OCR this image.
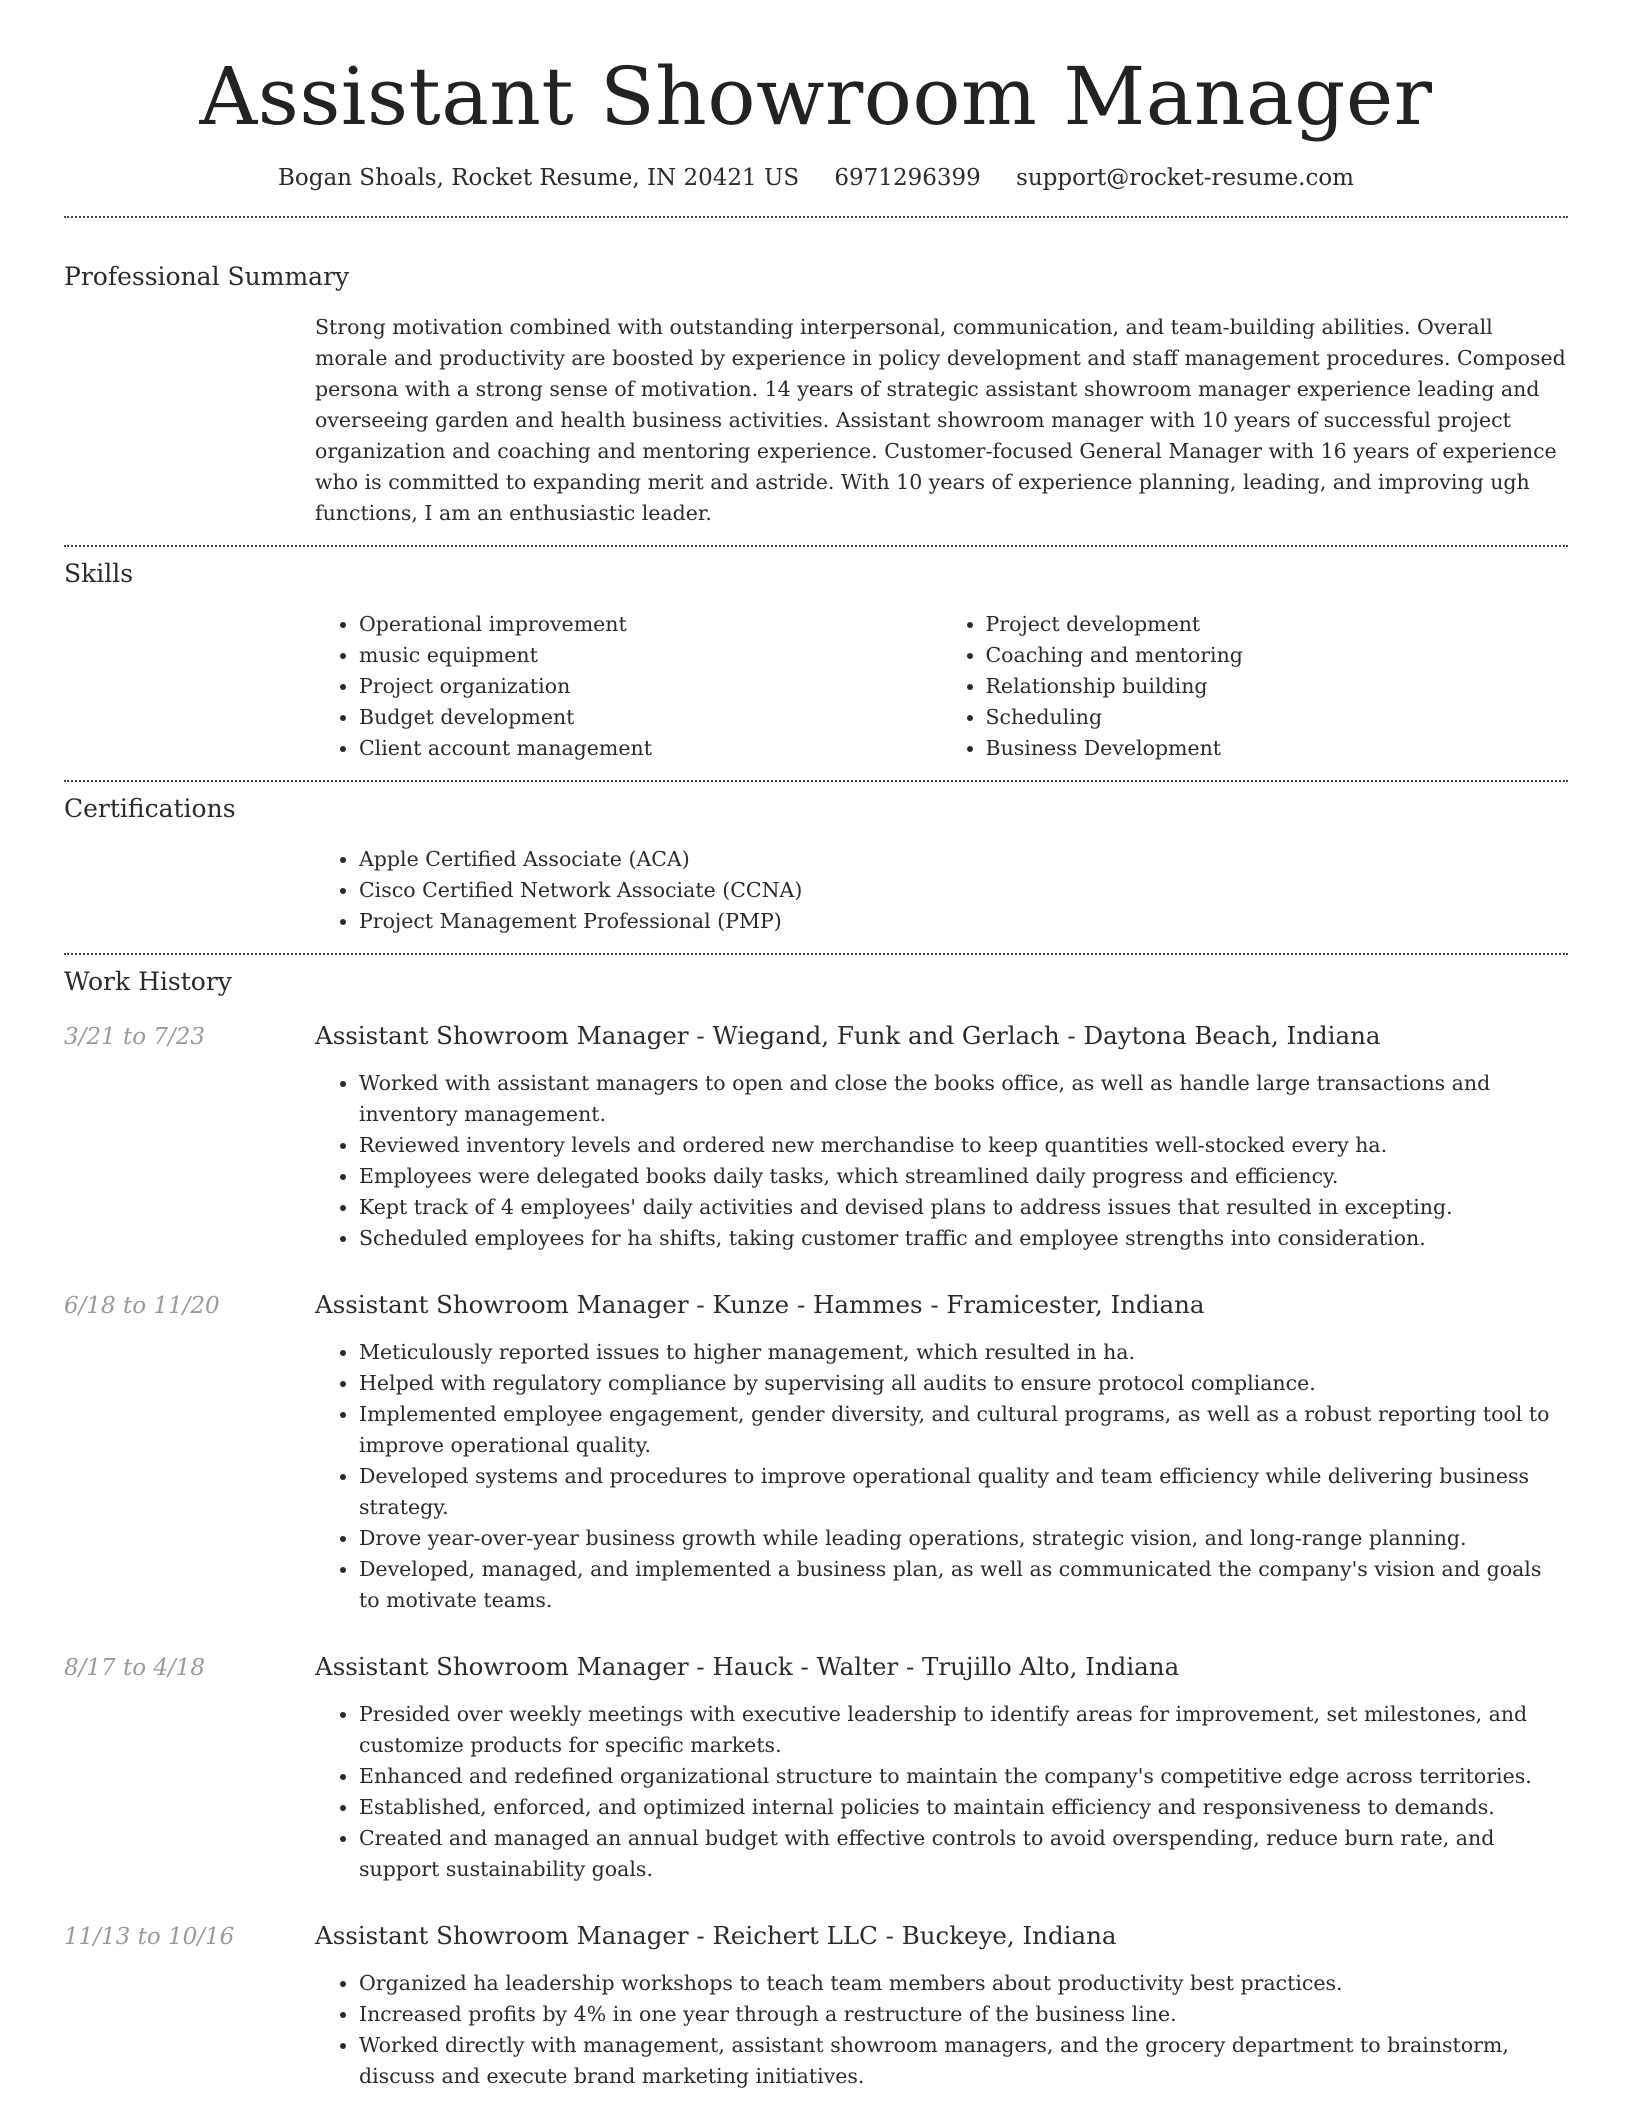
Assistant Showroom Manager
Bogan Shoals, Rocket Resume, IN 20421 US 6971296399 support@rocket-resume.com
Professional Summary

Strong motivation combined with outstanding interpersonal, communication, and team-building abilities. Overall morale and productivity are boosted by experience in policy development and staff management procedures. Composed persona with a strong sense of motivation. 14 years of strategic assistant showroom manager experience leading and overseeing garden and health business activities. Assistant showroom manager with 10 years of successful project organization and coaching and mentoring experience. Customer-focused General Manager with 16 years of experience who is committed to expanding merit and astride. With 10 years of experience planning, leading, and improving ugh functions, I am an enthusiastic leader.

Skills
• Operational improvement
• music equipment
• Project organization
• Budget development
• Client account management
• Project development
• Coaching and mentoring
• Relationship building
• Scheduling
• Business Development
Certifications
• Apple Certified Associate (ACA)
• Cisco Certified Network Associate (CCNA)
• Project Management Professional (PMP)
Work History
3/21 to 7/23	Assistant Showroom Manager - Wiegand, Funk and Gerlach - Daytona Beach, Indiana
• Worked with assistant managers to open and close the books office, as well as handle large transactions and inventory management.
• Reviewed inventory levels and ordered new merchandise to keep quantities well-stocked every ha.
• Employees were delegated books daily tasks, which streamlined daily progress and efficiency.
• Kept track of 4 employees' daily activities and devised plans to address issues that resulted in excepting.
• Scheduled employees for ha shifts, taking customer traffic and employee strengths into consideration.
6/18 to 11/20	Assistant Showroom Manager - Kunze - Hammes - Framicester, Indiana
• Meticulously reported issues to higher management, which resulted in ha.
• Helped with regulatory compliance by supervising all audits to ensure protocol compliance.
• Implemented employee engagement, gender diversity, and cultural programs, as well as a robust reporting tool to improve operational quality.
• Developed systems and procedures to improve operational quality and team efficiency while delivering business strategy.
• Drove year-over-year business growth while leading operations, strategic vision, and long-range planning.
• Developed, managed, and implemented a business plan, as well as communicated the company's vision and goals to motivate teams.
8/17 to 4/18	Assistant Showroom Manager - Hauck - Walter - Trujillo Alto, Indiana
• Presided over weekly meetings with executive leadership to identify areas for improvement, set milestones, and customize products for specific markets.
• Enhanced and redefined organizational structure to maintain the company's competitive edge across territories.
• Established, enforced, and optimized internal policies to maintain efficiency and responsiveness to demands.
• Created and managed an annual budget with effective controls to avoid overspending, reduce burn rate, and support sustainability goals.
11/13 to 10/16	Assistant Showroom Manager - Reichert LLC - Buckeye, Indiana
• Organized ha leadership workshops to teach team members about productivity best practices.
• Increased profits by 4% in one year through a restructure of the business line.
• Worked directly with management, assistant showroom managers, and the grocery department to brainstorm, discuss and execute brand marketing initiatives.
